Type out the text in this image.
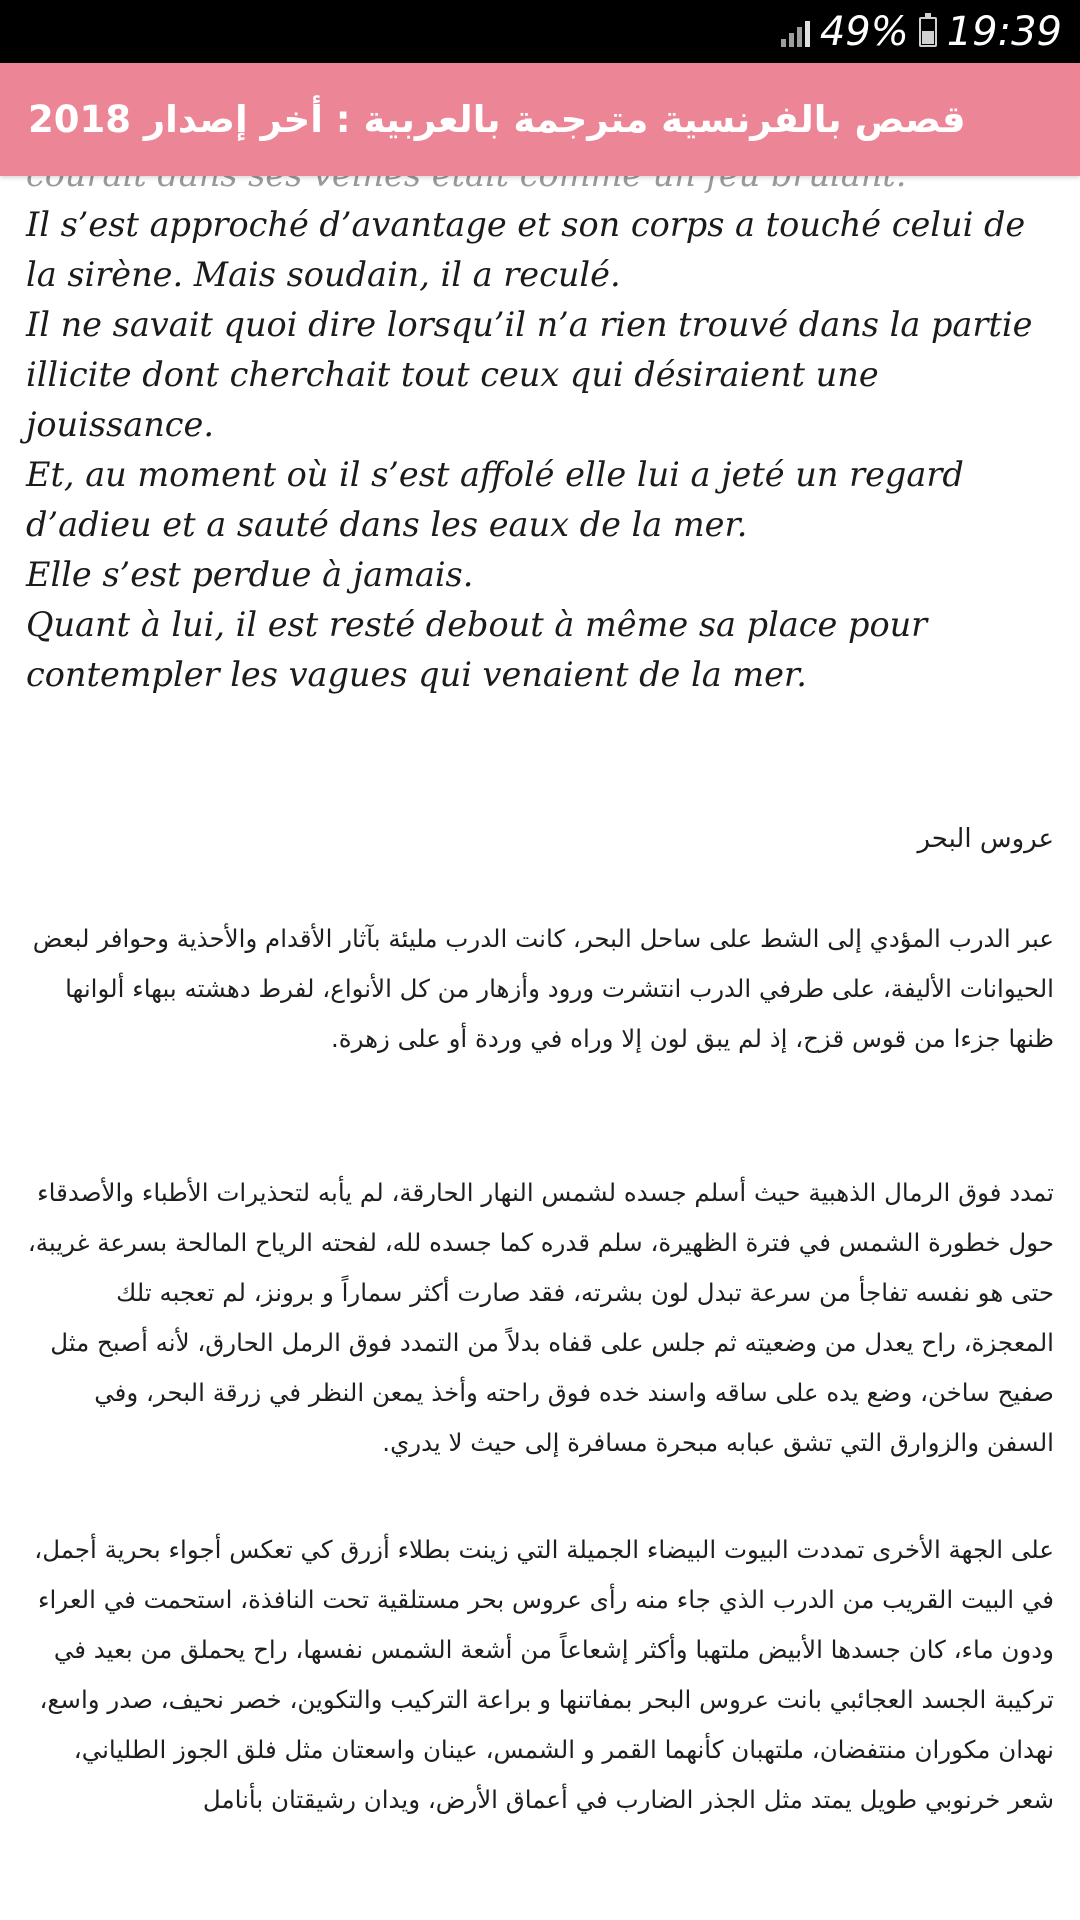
49% 19:39
قصص بالفرنسية مترجمة بالعربية : أخر إصدار 2018

Il s’est approché d’avantage et son corps a touché celui de la sirène. Mais soudain, il a reculé.

Il ne savait quoi dire lorsqu’il n’a rien trouvé dans la partie illicite dont cherchait tout ceux qui désiraient une jouissance.

Et, au moment où il s’est affolé elle lui a jeté un regard d’adieu et a sauté dans les eaux de la mer.

Elle s’est perdue à jamais.

Quant à lui, il est resté debout à même sa place pour contempler les vagues qui venaient de la mer.

عروس البحر

عبر الدرب المؤدي إلى الشط على ساحل البحر، كانت الدرب مليئة بآثار الأقدام والأحذية وحوافر لبعض الحيوانات الأليفة، على طرفي الدرب انتشرت ورود وأزهار من كل الأنواع، لفرط دهشته ببهاء ألوانها ظنها جزءا من قوس قزح، إذ لم يبق لون إلا وراه في وردة أو على زهرة.

تمدد فوق الرمال الذهبية حيث أسلم جسده لشمس النهار الحارقة، لم يأبه لتحذيرات الأطباء والأصدقاء حول خطورة الشمس في فترة الظهيرة، سلم قدره كما جسده لله، لفحته الرياح المالحة بسرعة غريبة، حتى هو نفسه تفاجأ من سرعة تبدل لون بشرته، فقد صارت أكثر سماراً و برونز، لم تعجبه تلك المعجزة، راح يعدل من وضعيته ثم جلس على قفاه بدلاً من التمدد فوق الرمل الحارق، لأنه أصبح مثل صفيح ساخن، وضع يده على ساقه واسند خده فوق راحته وأخذ يمعن النظر في زرقة البحر، وفي السفن والزوارق التي تشق عبابه مبحرة مسافرة إلى حيث لا يدري.

على الجهة الأخرى تمددت البيوت البيضاء الجميلة التي زينت بطلاء أزرق كي تعكس أجواء بحرية أجمل، في البيت القريب من الدرب الذي جاء منه رأى عروس بحر مستلقية تحت النافذة، استحمت في العراء ودون ماء، كان جسدها الأبيض ملتهبا وأكثر إشعاعاً من أشعة الشمس نفسها، راح يحملق من بعيد في تركيبة الجسد العجائبي بانت عروس البحر بمفاتنها و براعة التركيب والتكوين، خصر نحيف، صدر واسع، نهدان مكوران منتفضان، ملتهبان كأنهما القمر و الشمس، عينان واسعتان مثل فلق الجوز الطلياني، شعر خرنوبي طويل يمتد مثل الجذر الضارب في أعماق الأرض، ويدان رشيقتان بأنامل
